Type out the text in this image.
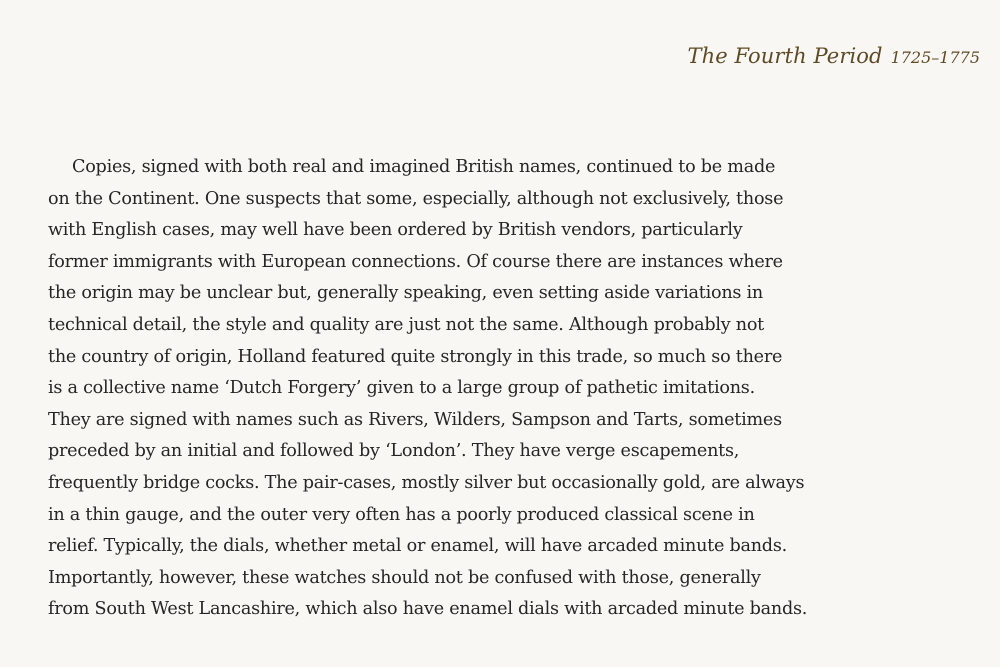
The Fourth Period 1725–1775
Copies, signed with both real and imagined British names, continued to be made
on the Continent. One suspects that some, especially, although not exclusively, those
with English cases, may well have been ordered by British vendors, particularly
former immigrants with European connections. Of course there are instances where
the origin may be unclear but, generally speaking, even setting aside variations in
technical detail, the style and quality are just not the same. Although probably not
the country of origin, Holland featured quite strongly in this trade, so much so there
is a collective name ‘Dutch Forgery’ given to a large group of pathetic imitations.
They are signed with names such as Rivers, Wilders, Sampson and Tarts, sometimes
preceded by an initial and followed by ‘London’. They have verge escapements,
frequently bridge cocks. The pair-cases, mostly silver but occasionally gold, are always
in a thin gauge, and the outer very often has a poorly produced classical scene in
relief. Typically, the dials, whether metal or enamel, will have arcaded minute bands.
Importantly, however, these watches should not be confused with those, generally
from South West Lancashire, which also have enamel dials with arcaded minute bands.
